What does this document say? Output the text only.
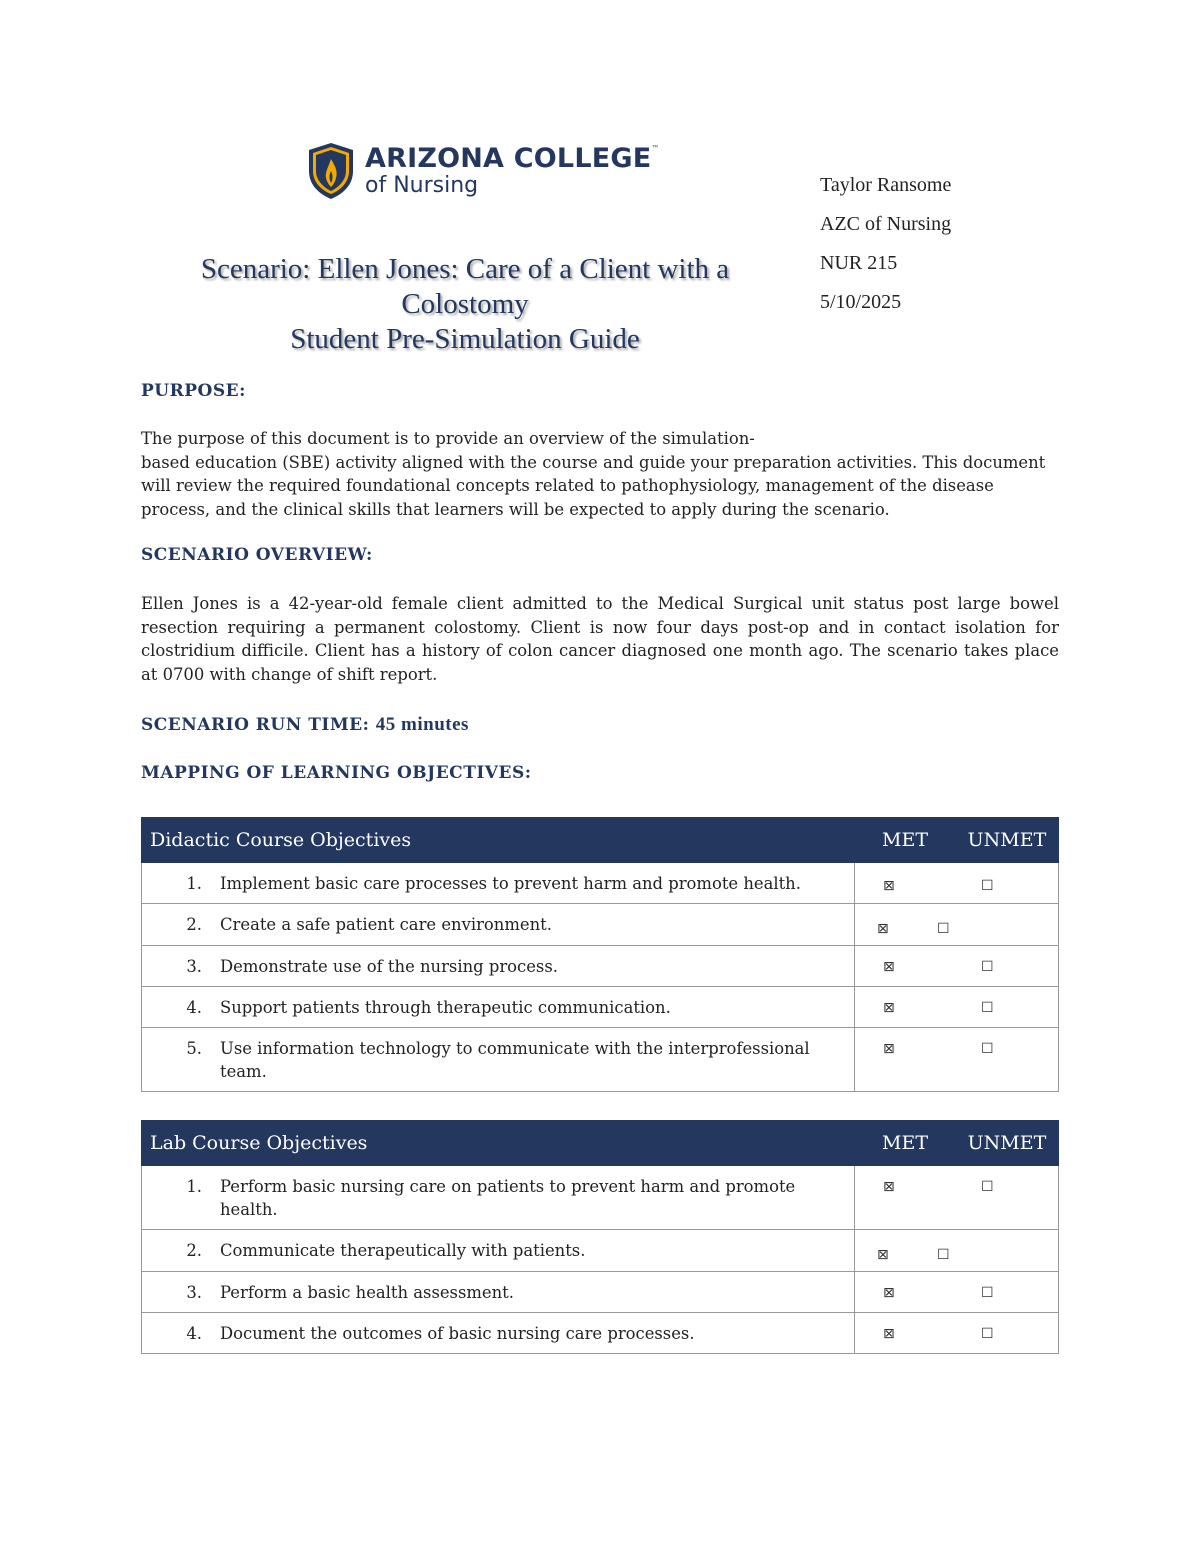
ARIZONA COLLEGE™
of Nursing	Taylor Ransome
AZC of Nursing
NUR 215
5/10/2025
Scenario: Ellen Jones: Care of a Client with a
Colostomy
Student Pre-Simulation Guide
PURPOSE:
The purpose of this document is to provide an overview of the simulation-
based education (SBE) activity aligned with the course and guide your preparation activities. This document will review the required foundational concepts related to pathophysiology, management of the disease process, and the clinical skills that learners will be expected to apply during the scenario.
SCENARIO OVERVIEW:
Ellen Jones is a 42-year-old female client admitted to the Medical Surgical unit status post large bowel resection requiring a permanent colostomy. Client is now four days post-op and in contact isolation for clostridium difficile. Client has a history of colon cancer diagnosed one month ago. The scenario takes place at 0700 with change of shift report.
SCENARIO RUN TIME: 45 minutes
MAPPING OF LEARNING OBJECTIVES:
Didactic Course Objectives	MET	UNMET
1. Implement basic care processes to prevent harm and promote health.	⊠ ☐	

2. Create a safe patient care environment.	⊠ ☐	

3. Demonstrate use of the nursing process.	⊠ ☐	

4. Support patients through therapeutic communication.	⊠ ☐	

5. Use information technology to communicate with the interprofessional team.	⊠ ☐	
Lab Course Objectives	MET	UNMET
1. Perform basic nursing care on patients to prevent harm and promote health.	⊠ ☐	

2. Communicate therapeutically with patients.	⊠ ☐	

3. Perform a basic health assessment.	⊠ ☐	

4. Document the outcomes of basic nursing care processes.	⊠ ☐	
